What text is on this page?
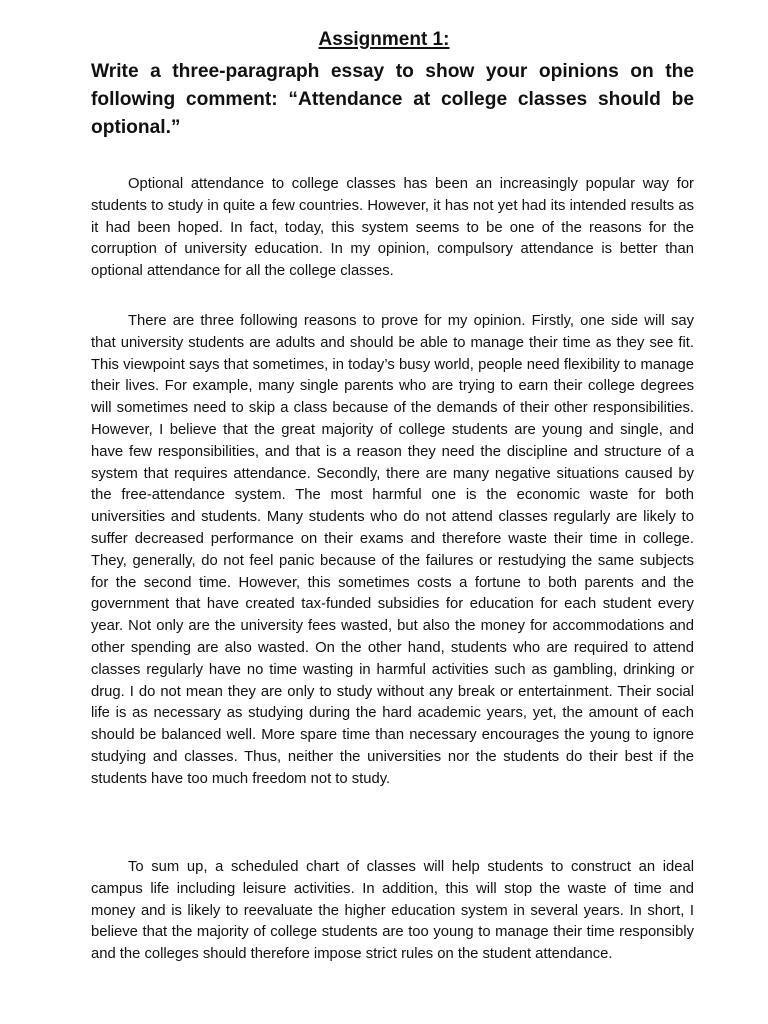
Assignment 1:
Write a three-paragraph essay to show your opinions on the following comment: “Attendance at college classes should be optional.”

Optional attendance to college classes has been an increasingly popular way for students to study in quite a few countries. However, it has not yet had its intended results as it had been hoped. In fact, today, this system seems to be one of the reasons for the corruption of university education. In my opinion, compulsory attendance is better than optional attendance for all the college classes.

There are three following reasons to prove for my opinion. Firstly, one side will say that university students are adults and should be able to manage their time as they see fit. This viewpoint says that sometimes, in today’s busy world, people need flexibility to manage their lives. For example, many single parents who are trying to earn their college degrees will sometimes need to skip a class because of the demands of their other responsibilities. However, I believe that the great majority of college students are young and single, and have few responsibilities, and that is a reason they need the discipline and structure of a system that requires attendance. Secondly, there are many negative situations caused by the free-attendance system. The most harmful one is the economic waste for both universities and students. Many students who do not attend classes regularly are likely to suffer decreased performance on their exams and therefore waste their time in college. They, generally, do not feel panic because of the failures or restudying the same subjects for the second time. However, this sometimes costs a fortune to both parents and the government that have created tax-funded subsidies for education for each student every year. Not only are the university fees wasted, but also the money for accommodations and other spending are also wasted. On the other hand, students who are required to attend classes regularly have no time wasting in harmful activities such as gambling, drinking or drug. I do not mean they are only to study without any break or entertainment. Their social life is as necessary as studying during the hard academic years, yet, the amount of each should be balanced well. More spare time than necessary encourages the young to ignore studying and classes. Thus, neither the universities nor the students do their best if the students have too much freedom not to study.

To sum up, a scheduled chart of classes will help students to construct an ideal campus life including leisure activities. In addition, this will stop the waste of time and money and is likely to reevaluate the higher education system in several years. In short, I believe that the majority of college students are too young to manage their time responsibly and the colleges should therefore impose strict rules on the student attendance.
